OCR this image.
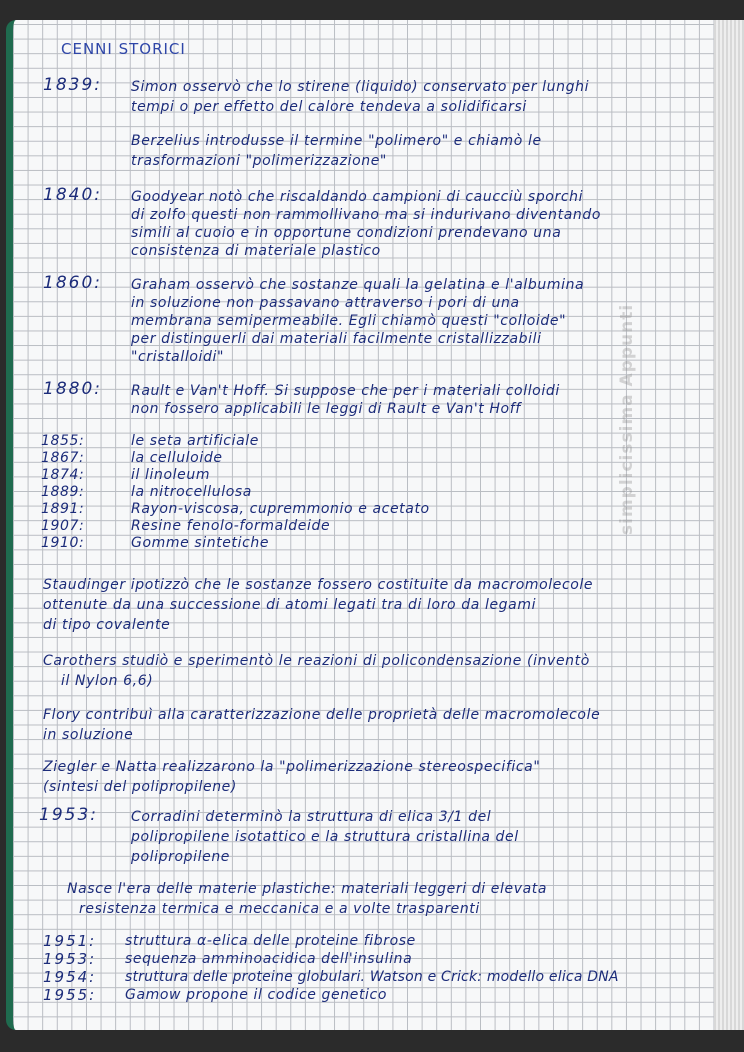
CENNI STORICI
1839: Simon osservò che lo stirene (liquido) conservato per lunghi
tempi o per effetto del calore tendeva a solidificarsi
Berzelius introdusse il termine "polimero" e chiamò le
trasformazioni "polimerizzazione"
1840: Goodyear notò che riscaldando campioni di caucciù sporchi
di zolfo questi non rammollivano ma si indurivano diventando
simili al cuoio e in opportune condizioni prendevano una
consistenza di materiale plastico
1860: Graham osservò che sostanze quali la gelatina e l'albumina
in soluzione non passavano attraverso i pori di una
membrana semipermeabile. Egli chiamò questi "colloide"
per distinguerli dai materiali facilmente cristallizzabili
"cristalloidi"
1880: Rault e Van't Hoff. Si suppose che per i materiali colloidi
non fossero applicabili le leggi di Rault e Van't Hoff
1855:	le seta artificiale
1867:	la celluloide
1874:	il linoleum
1889:	la nitrocellulosa
1891:	Rayon-viscosa, cupremmonio e acetato
1907:	Resine fenolo-formaldeide
1910:	Gomme sintetiche
Staudinger ipotizzò che le sostanze fossero costituite da macromolecole
ottenute da una successione di atomi legati tra di loro da legami
di tipo covalente
Carothers studiò e sperimentò le reazioni di policondensazione (inventò
il Nylon 6,6)
Flory contribuì alla caratterizzazione delle proprietà delle macromolecole
in soluzione
Ziegler e Natta realizzarono la "polimerizzazione stereospecifica"
(sintesi del polipropilene)
1953: Corradini determinò la struttura di elica 3/1 del
polipropilene isotattico e la struttura cristallina del
polipropilene
Nasce l'era delle materie plastiche: materiali leggeri di elevata
resistenza termica e meccanica e a volte trasparenti
1951: struttura α-elica delle proteine fibrose
1953: sequenza amminoacidica dell'insulina
1954: struttura delle proteine globulari. Watson e Crick: modello elica DNA
1955: Gamow propone il codice genetico
simplicissima Appunti
